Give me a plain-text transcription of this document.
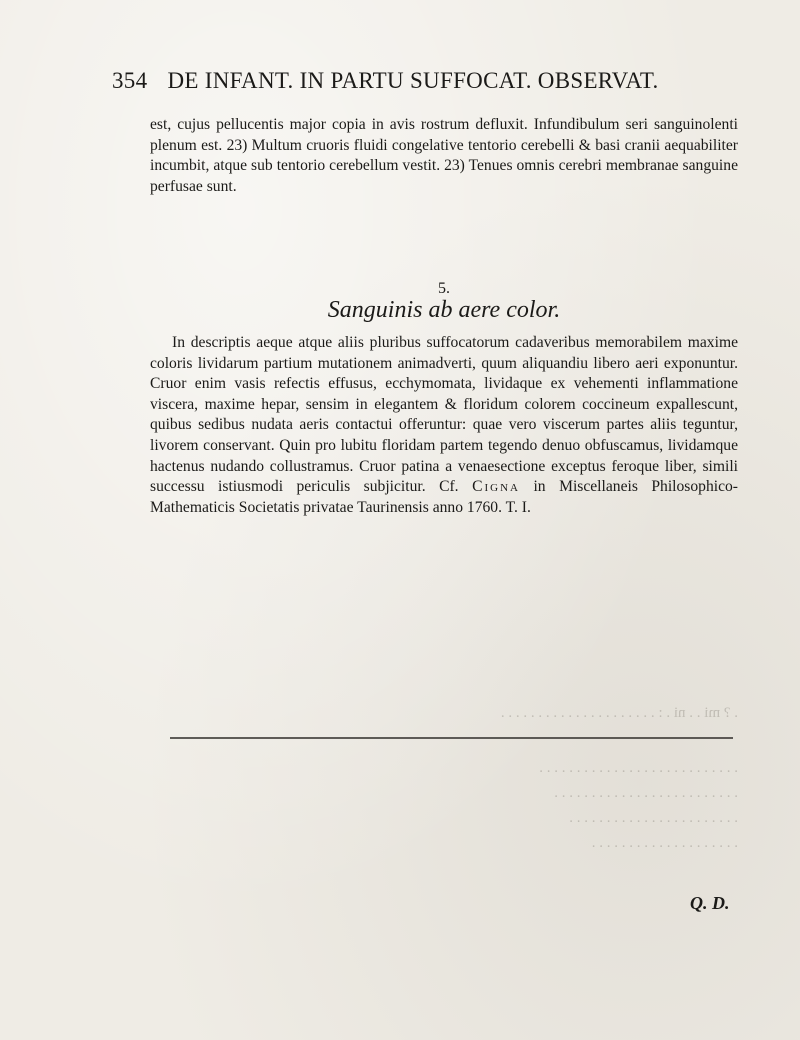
354 DE INFANT. IN PARTU SUFFOCAT. OBSERVAT.
est, cujus pellucentis major copia in avis rostrum defluxit. Infundibulum seri sanguinolenti plenum est. 23) Multum cruoris fluidi congelative tentorio cerebelli & basi cranii aequabiliter incumbit, atque sub tentorio cerebellum vestit. 23) Tenues omnis cerebri membranae sanguine perfusae sunt.
5.
Sanguinis ab aere color.
In descriptis aeque atque aliis pluribus suffocatorum cadaveribus memorabilem maxime coloris lividarum partium mutationem animadverti, quum aliquandiu libero aeri exponuntur. Cruor enim vasis refectis effusus, ecchymomata, lividaque ex vehementi inflammatione viscera, maxime hepar, sensim in elegantem & floridum colorem coccineum expallescunt, quibus sedibus nudata aeris contactui offeruntur: quae vero viscerum partes aliis teguntur, livorem conservant. Quin pro lubitu floridam partem tegendo denuo obfuscamus, lividamque hactenus nudando collustramus. Cruor patina a venaesectione exceptus feroque liber, simili successu istiusmodi periculis subjicitur. Cf. Cigna in Miscellaneis Philosophico-Mathematicis Societatis privatae Taurinensis anno 1760. T. I.
. ? mi . . ni . : . . . . . . . . . . . . . . . . . . . . .
. . . . . . . . . . . . . . . . . . . . . . . . . . .
. . . . . . . . . . . . . . . . . . . . . . . . .
. . . . . . . . . . . . . . . . . . . . . . .
. . . . . . . . . . . . . . . . . . . .
Q. D.
